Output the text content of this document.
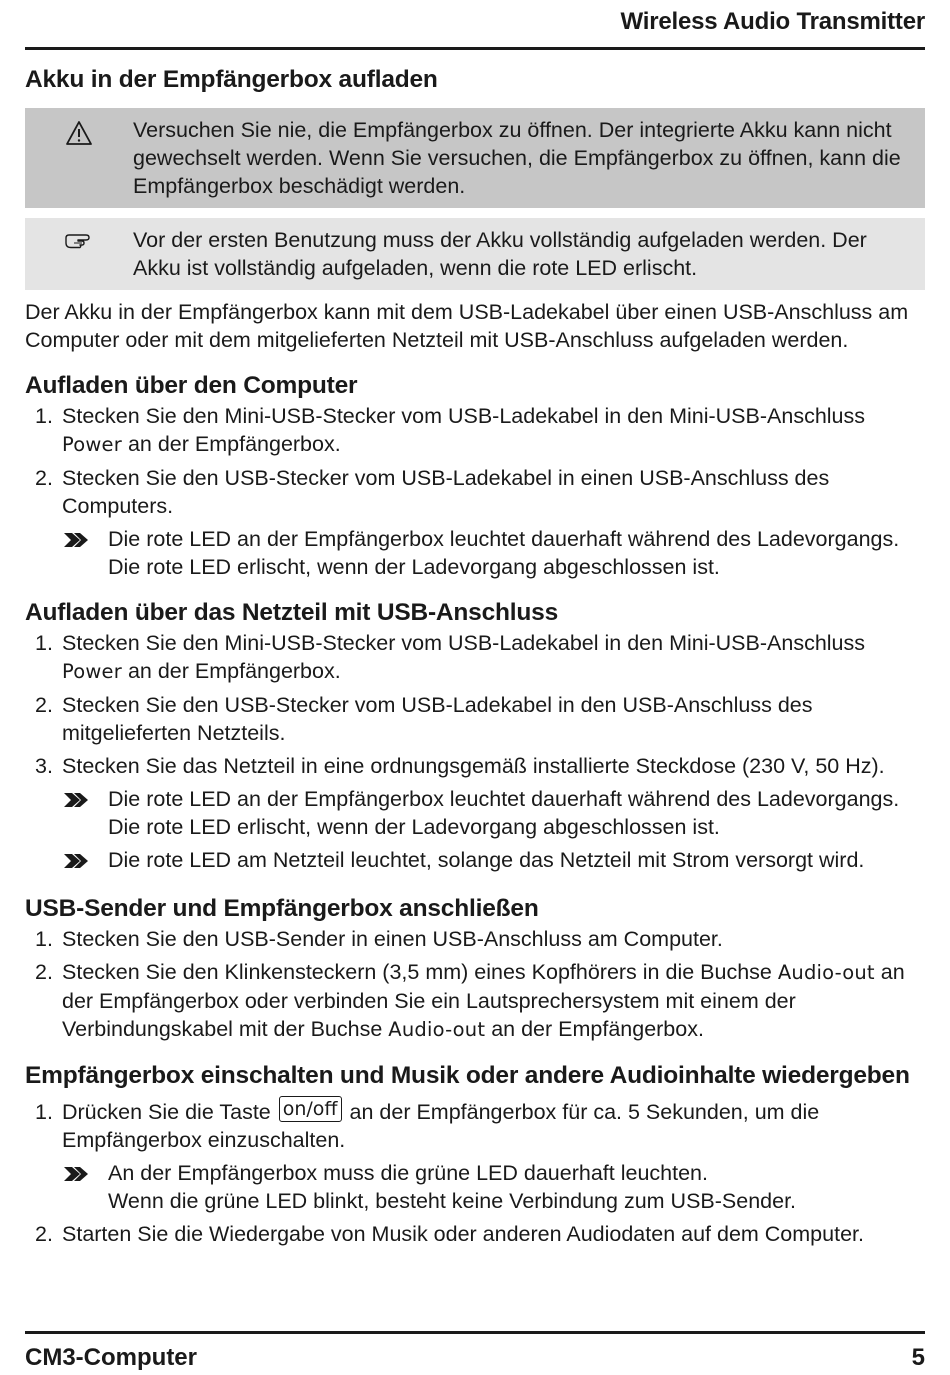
Wireless Audio Transmitter
Akku in der Empfängerbox aufladen
Versuchen Sie nie, die Empfängerbox zu öffnen. Der integrierte Akku kann nicht gewechselt werden. Wenn Sie versuchen, die Empfängerbox zu öffnen, kann die Empfängerbox beschädigt werden.
Vor der ersten Benutzung muss der Akku vollständig aufgeladen werden. Der Akku ist vollständig aufgeladen, wenn die rote LED erlischt.

Der Akku in der Empfängerbox kann mit dem USB-Ladekabel über einen USB-Anschluss am Computer oder mit dem mitgelieferten Netzteil mit USB-Anschluss aufgeladen werden.

Aufladen über den Computer
1. Stecken Sie den Mini-USB-Stecker vom USB-Ladekabel in den Mini-USB-Anschluss
Power an der Empfängerbox.
2. Stecken Sie den USB-Stecker vom USB-Ladekabel in einen USB-Anschluss des Computers.
Die rote LED an der Empfängerbox leuchtet dauerhaft während des Ladevorgangs.
Die rote LED erlischt, wenn der Ladevorgang abgeschlossen ist.
Aufladen über das Netzteil mit USB-Anschluss
1. Stecken Sie den Mini-USB-Stecker vom USB-Ladekabel in den Mini-USB-Anschluss
Power an der Empfängerbox.
2. Stecken Sie den USB-Stecker vom USB-Ladekabel in den USB-Anschluss des mitgelieferten Netzteils.
3. Stecken Sie das Netzteil in eine ordnungsgemäß installierte Steckdose (230 V, 50 Hz).
Die rote LED an der Empfängerbox leuchtet dauerhaft während des Ladevorgangs.
Die rote LED erlischt, wenn der Ladevorgang abgeschlossen ist.
Die rote LED am Netzteil leuchtet, solange das Netzteil mit Strom versorgt wird.
USB-Sender und Empfängerbox anschließen
1. Stecken Sie den USB-Sender in einen USB-Anschluss am Computer.
2. Stecken Sie den Klinkensteckern (3,5 mm) eines Kopfhörers in die Buchse Audio-out an der Empfängerbox oder verbinden Sie ein Lautsprechersystem mit einem der Verbindungskabel mit der Buchse Audio-out an der Empfängerbox.
Empfängerbox einschalten und Musik oder andere Audioinhalte wiedergeben
1. Drücken Sie die Taste on/off an der Empfängerbox für ca. 5 Sekunden, um die Empfängerbox einzuschalten.
An der Empfängerbox muss die grüne LED dauerhaft leuchten.
Wenn die grüne LED blinkt, besteht keine Verbindung zum USB-Sender.
2. Starten Sie die Wiedergabe von Musik oder anderen Audiodaten auf dem Computer.
CM3-Computer	5
